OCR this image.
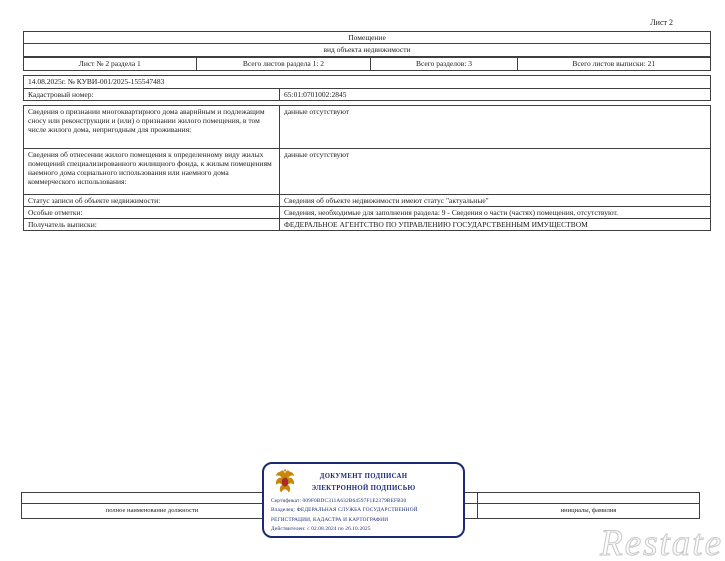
Лист 2
Помещение
вид объекта недвижимости
Лист № 2 раздела 1	Всего листов раздела 1: 2	Всего разделов: 3	Всего листов выписки: 21
14.08.2025г. № КУВИ-001/2025-155547483
Кадастровый номер:	65:01:0701002:2845
Сведения о признании многоквартирного дома аварийным и подлежащим сносу или реконструкции и (или) о признании жилого помещения, в том числе жилого дома, непригодным для проживания:
данные отсутствуют
Сведения об отнесении жилого помещения к определенному виду жилых помещений специализированного жилищного фонда, к жилым помещениям наемного дома социального использования или наемного дома коммерческого использования:
данные отсутствуют
Статус записи об объекте недвижимости:	Сведения об объекте недвижимости имеют статус "актуальные"
Особые отметки:	Сведения, необходимые для заполнения раздела: 9 - Сведения о части (частях) помещения, отсутствуют.
Получатель выписки:	ФЕДЕРАЛЬНОЕ АГЕНТСТВО ПО УПРАВЛЕНИЮ ГОСУДАРСТВЕННЫМ ИМУЩЕСТВОМ
полное наименование должности	инициалы, фамилия
ДОКУМЕНТ ПОДПИСАН
ЭЛЕКТРОННОЙ ПОДПИСЬЮ
Сертификат: 009F0BDC311A632B64597F1E2379BEFB30
Владелец: ФЕДЕРАЛЬНАЯ СЛУЖБА ГОСУДАРСТВЕННОЙ
РЕГИСТРАЦИИ, КАДАСТРА И КАРТОГРАФИИ
Действителен: с 02.08.2024 по 26.10.2025	Restate
